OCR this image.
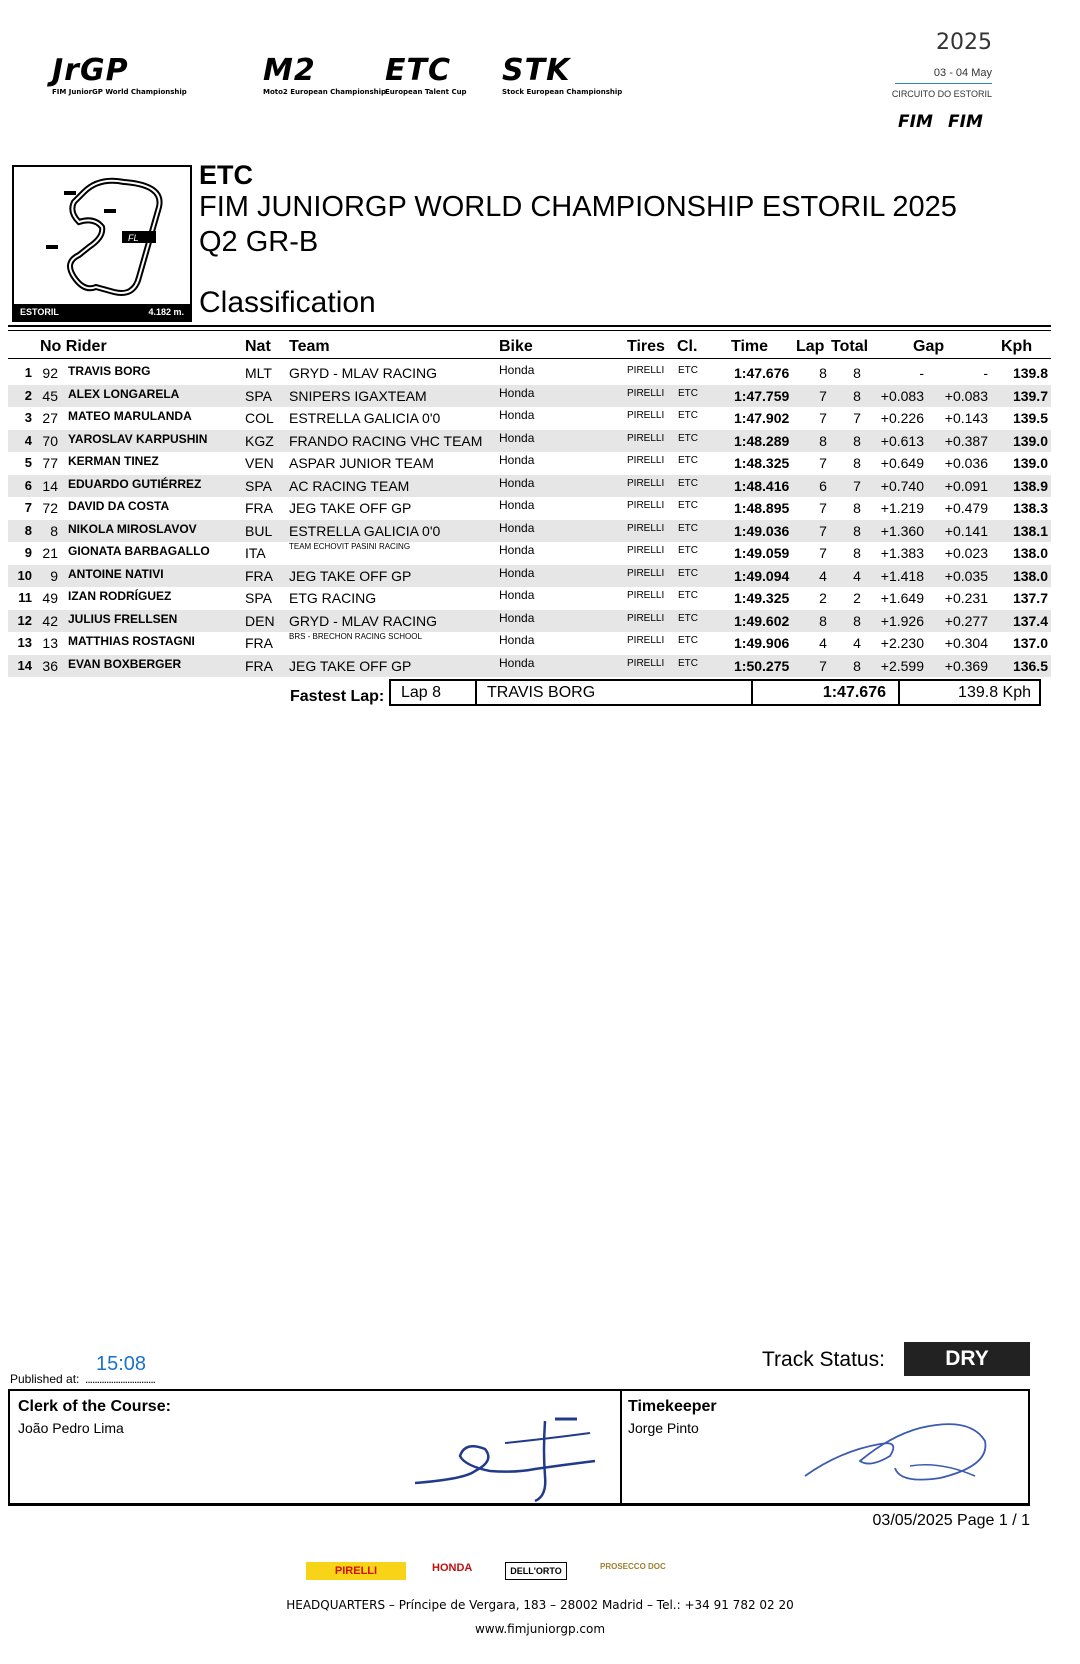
JrGP
FIM JuniorGP World Championship
M2
Moto2 European Championship
ETC
European Talent Cup
STK
Stock European Championship
2025
03 - 04 May
CIRCUITO DO ESTORIL
FIM FIM
FL
ESTORIL	4.182 m.
ETC
FIM JUNIORGP WORLD CHAMPIONSHIP ESTORIL 2025
Q2 GR-B
Classification
No Rider	Nat Team	Bike	Tires Cl. Time Lap Total	Gap	Kph
1 92 TRAVIS BORG	MLT GRYD - MLAV RACING	Honda	PIRELLI ETC	1:47.676 8 8	-	-	139.8
2 45 ALEX LONGARELA	SPA SNIPERS IGAXTEAM	Honda	PIRELLI ETC	1:47.759 7 8	+0.083	+0.083	139.7
3 27 MATEO MARULANDA	COL ESTRELLA GALICIA 0'0	Honda	PIRELLI ETC	1:47.902 7 7	+0.226	+0.143	139.5
4 70 YAROSLAV KARPUSHIN	KGZ FRANDO RACING VHC TEAM Honda	PIRELLI ETC	1:48.289 8 8	+0.613	+0.387	139.0
5 77 KERMAN TINEZ	VEN ASPAR JUNIOR TEAM	Honda	PIRELLI ETC	1:48.325 7 8	+0.649	+0.036	139.0
6 14 EDUARDO GUTIÉRREZ	SPA AC RACING TEAM	Honda	PIRELLI ETC	1:48.416 6 7	+0.740	+0.091	138.9
7 72 DAVID DA COSTA	FRA JEG TAKE OFF GP	Honda	PIRELLI ETC	1:48.895 7 8	+1.219	+0.479	138.3
8	8 NIKOLA MIROSLAVOV	BUL ESTRELLA GALICIA 0'0	Honda	PIRELLI ETC	1:49.036 7 8	+1.360	+0.141	138.1
9 21 GIONATA BARBAGALLO	ITA	TEAM ECHOVIT PASINI RACING	Honda	PIRELLI ETC	1:49.059 7 8	+1.383	+0.023	138.0
10	9 ANTOINE NATIVI	FRA JEG TAKE OFF GP	Honda	PIRELLI ETC	1:49.094 4 4	+1.418	+0.035	138.0
11 49 IZAN RODRÍGUEZ	SPA ETG RACING	Honda	PIRELLI ETC	1:49.325 2 2	+1.649	+0.231	137.7
12 42 JULIUS FRELLSEN	DEN GRYD - MLAV RACING	Honda	PIRELLI ETC	1:49.602 8 8	+1.926	+0.277	137.4
13 13 MATTHIAS ROSTAGNI	FRA BRS - BRECHON RACING SCHOOL	Honda	PIRELLI ETC	1:49.906 4 4	+2.230	+0.304	137.0
14 36 EVAN BOXBERGER	FRA JEG TAKE OFF GP	Honda	PIRELLI ETC	1:50.275 7 8	+2.599	+0.369	136.5
Fastest Lap: Lap 8	TRAVIS BORG	1:47.676	139.8 Kph
15:08
Published at: ..............................
Track Status:	DRY
Clerk of the Course:
João Pedro Lima
Timekeeper
Jorge Pinto
03/05/2025 Page 1 / 1
PIRELLI	HONDA	DELL'ORTO	PROSECCO DOC
HEADQUARTERS – Príncipe de Vergara, 183 – 28002 Madrid – Tel.: +34 91 782 02 20
www.fimjuniorgp.com
